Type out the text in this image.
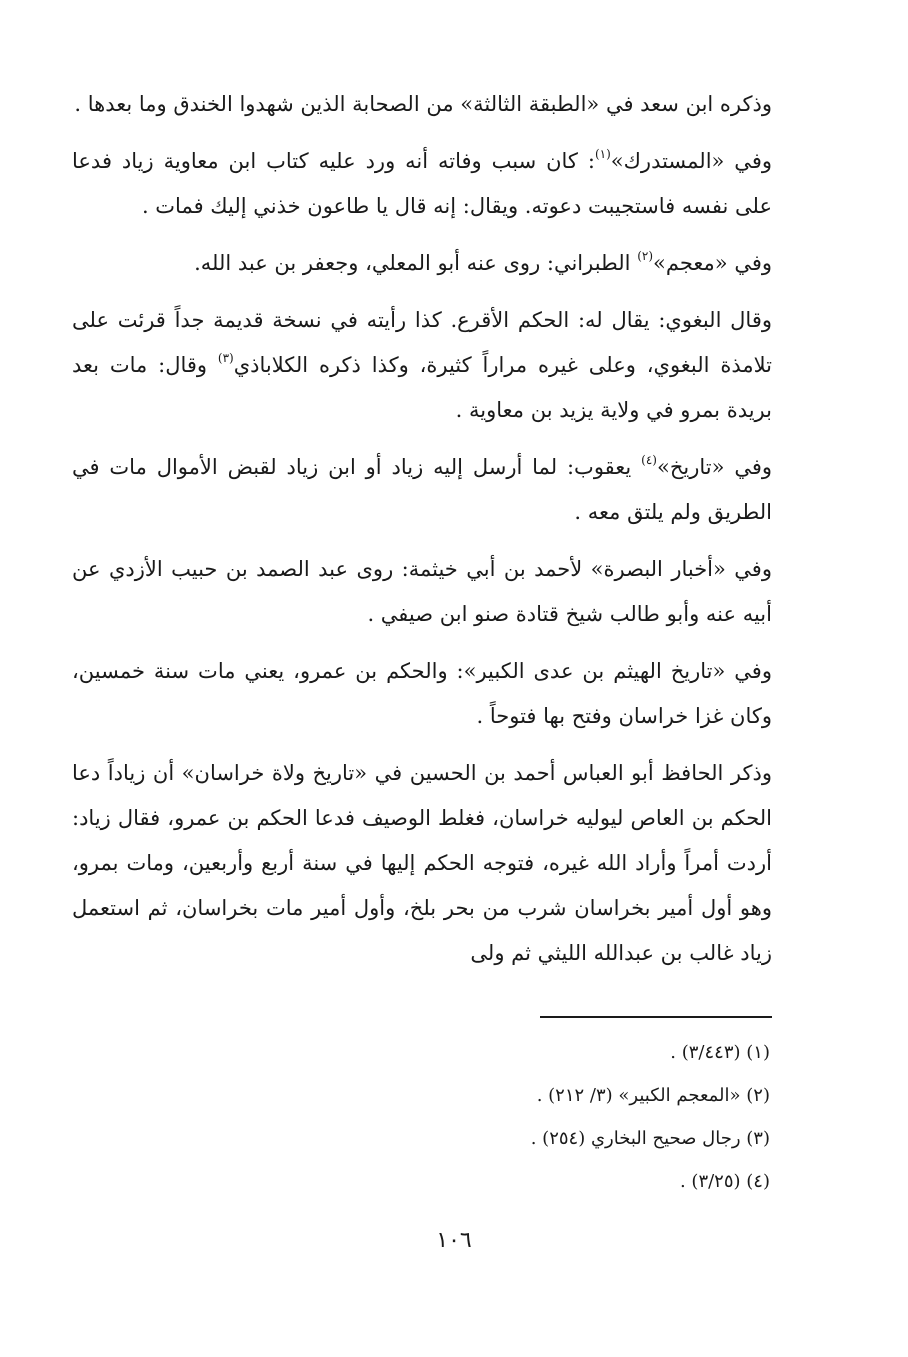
وذكره ابن سعد في «الطبقة الثالثة» من الصحابة الذين شهدوا الخندق وما بعدها .

وفي «المستدرك»$^{(١)}$: كان سبب وفاته أنه ورد عليه كتاب ابن معاوية زياد فدعا على نفسه فاستجيبت دعوته. ويقال: إنه قال يا طاعون خذني إليك فمات .

وفي «معجم»$^{(٢)}$ الطبراني: روى عنه أبو المعلي، وجعفر بن عبد الله.

وقال البغوي: يقال له: الحكم الأقرع. كذا رأيته في نسخة قديمة جداً قرئت على تلامذة البغوي، وعلى غيره مراراً كثيرة، وكذا ذكره الكلاباذي$^{(٣)}$ وقال: مات بعد بريدة بمرو في ولاية يزيد بن معاوية .

وفي «تاريخ»$^{(٤)}$ يعقوب: لما أرسل إليه زياد أو ابن زياد لقبض الأموال مات في الطريق ولم يلتق معه .

وفي «أخبار البصرة» لأحمد بن أبي خيثمة: روى عبد الصمد بن حبيب الأزدي عن أبيه عنه وأبو طالب شيخ قتادة صنو ابن صيفي .

وفي «تاريخ الهيثم بن عدى الكبير»: والحكم بن عمرو، يعني مات سنة خمسين، وكان غزا خراسان وفتح بها فتوحاً .

وذكر الحافظ أبو العباس أحمد بن الحسين في «تاريخ ولاة خراسان» أن زياداً دعا الحكم بن العاص ليوليه خراسان، فغلط الوصيف فدعا الحكم بن عمرو، فقال زياد: أردت أمراً وأراد الله غيره، فتوجه الحكم إليها في سنة أربع وأربعين، ومات بمرو، وهو أول أمير بخراسان شرب من بحر بلخ، وأول أمير مات بخراسان، ثم استعمل زياد غالب بن عبدالله الليثي ثم ولى

(١) (٣/٤٤٣) .
(٢) «المعجم الكبير» (٣/ ٢١٢) .
(٣) رجال صحيح البخاري (٢٥٤) .
(٤) (٣/٢٥) .
١٠٦
